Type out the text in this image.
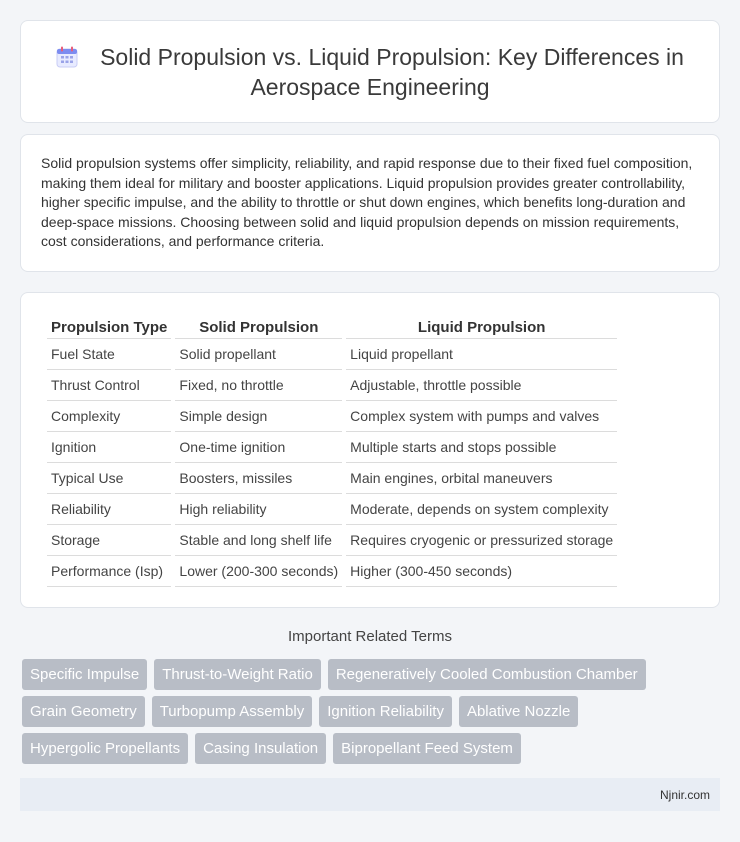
Solid Propulsion vs. Liquid Propulsion: Key Differences in Aerospace Engineering

Solid propulsion systems offer simplicity, reliability, and rapid response due to their fixed fuel composition, making them ideal for military and booster applications. Liquid propulsion provides greater controllability, higher specific impulse, and the ability to throttle or shut down engines, which benefits long-duration and deep-space missions. Choosing between solid and liquid propulsion depends on mission requirements, cost considerations, and performance criteria.

Propulsion Type	Solid Propulsion	Liquid Propulsion
Fuel State	Solid propellant	Liquid propellant
Thrust Control	Fixed, no throttle	Adjustable, throttle possible
Complexity	Simple design	Complex system with pumps and valves
Ignition	One-time ignition	Multiple starts and stops possible
Typical Use	Boosters, missiles	Main engines, orbital maneuvers
Reliability	High reliability	Moderate, depends on system complexity
Storage	Stable and long shelf life	Requires cryogenic or pressurized storage
Performance (Isp)	Lower (200-300 seconds)	Higher (300-450 seconds)
Important Related Terms
Specific Impulse	Thrust-to-Weight Ratio	Regeneratively Cooled Combustion Chamber
Grain Geometry	Turbopump Assembly	Ignition Reliability	Ablative Nozzle
Hypergolic Propellants	Casing Insulation	Bipropellant Feed System
Njnir.com
